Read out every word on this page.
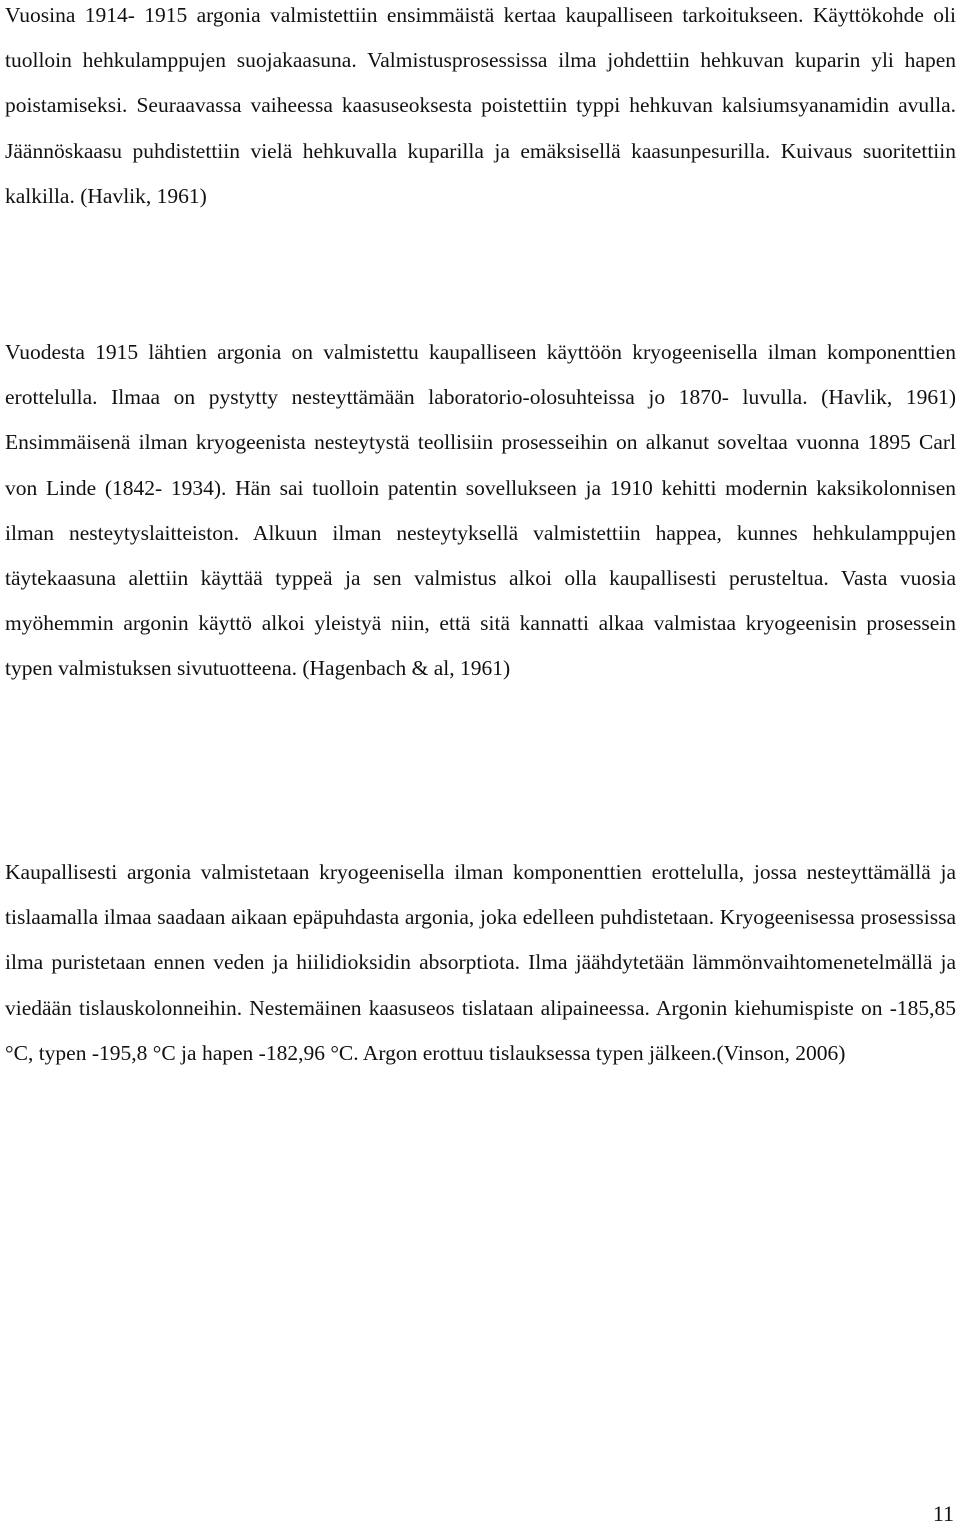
Vuosina 1914- 1915 argonia valmistettiin ensimmäistä kertaa kaupalliseen tarkoitukseen. Käyttökohde oli tuolloin hehkulamppujen suojakaasuna. Valmistusprosessissa ilma johdettiin hehkuvan kuparin yli hapen poistamiseksi. Seuraavassa vaiheessa kaasuseoksesta poistettiin typpi hehkuvan kalsiumsyanamidin avulla. Jäännöskaasu puhdistettiin vielä hehkuvalla kuparilla ja emäksisellä kaasunpesurilla. Kuivaus suoritettiin kalkilla. (Havlik, 1961)

Vuodesta 1915 lähtien argonia on valmistettu kaupalliseen käyttöön kryogeenisella ilman komponenttien erottelulla. Ilmaa on pystytty nesteyttämään laboratorio-olosuhteissa jo 1870- luvulla. (Havlik, 1961) Ensimmäisenä ilman kryogeenista nesteytystä teollisiin prosesseihin on alkanut soveltaa vuonna 1895 Carl von Linde (1842- 1934). Hän sai tuolloin patentin sovellukseen ja 1910 kehitti modernin kaksikolonnisen ilman nesteytyslaitteiston. Alkuun ilman nesteytyksellä valmistettiin happea, kunnes hehkulamppujen täytekaasuna alettiin käyttää typpeä ja sen valmistus alkoi olla kaupallisesti perusteltua. Vasta vuosia myöhemmin argonin käyttö alkoi yleistyä niin, että sitä kannatti alkaa valmistaa kryogeenisin prosessein typen valmistuksen sivutuotteena. (Hagenbach & al, 1961)

Kaupallisesti argonia valmistetaan kryogeenisella ilman komponenttien erottelulla, jossa nesteyttämällä ja tislaamalla ilmaa saadaan aikaan epäpuhdasta argonia, joka edelleen puhdistetaan. Kryogeenisessa prosessissa ilma puristetaan ennen veden ja hiilidioksidin absorptiota. Ilma jäähdytetään lämmönvaihtomenetelmällä ja viedään tislauskolonneihin. Nestemäinen kaasuseos tislataan alipaineessa. Argonin kiehumispiste on -185,85 °C, typen -195,8 °C ja hapen -182,96 °C. Argon erottuu tislauksessa typen jälkeen.(Vinson, 2006)

11
